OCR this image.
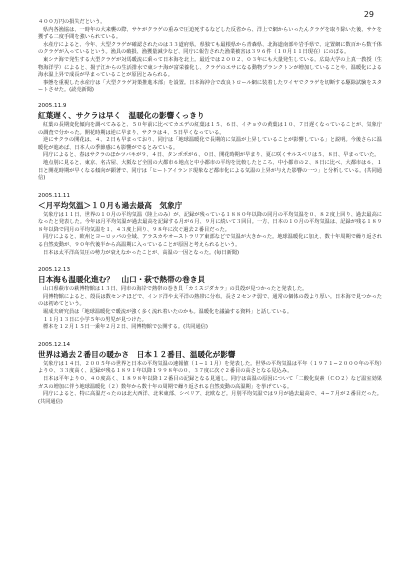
29

４００万円の損失だという。

県内各漁協は、一時年の大来襲の際、サケがクラゲの重みで圧迫死するなどした反省から、洋上で網からいったんクラゲを取り除いた後、サケを獲ずる二度手間を強いられている。

水産庁によると、今年、大型クラゲが確認されたのは３３道府県。県独ても最根県から青森県、北海道南部や岩手県で、定置網に数百から数千体のクラゲが入っているという。漁具の破損、漁獲量減少など、同庁に報告された漁業被害は３９６件（１０月１１日現在）にのぼる。

東シナ海で発生する大型クラゲが対馬暖流に乗って日本海を北上。最近では２００２、０３年にも大量発生している。広島大学の上真一教授（生物海洋学）によると、揚子江からの生活排水で東シナ海が富栄養化し、クラゲのエサになる動物プランクトンが増加していることや、温暖化による海水温上昇で成長が早まっていることが原因とみられる。

事態を重視した水産庁は「大型クラゲ対策推進本部」を設置。日本海沖合で改良トロール網に装着したワイヤでクラゲを切断する駆除試験をスタートさせた。(読売新聞)

2005.11.9
紅葉遅く、サクラは早く　温暖化の影響くっきり

紅葉の長期変化傾向を調べてみると、５０年前に比べてカエデの紅葉は１５、６日、イチョウの黄葉は１０、７日遅くなっていることが、気象庁の調査で分かった。開花時期は逆に早まり、サクラは４、５日早くなっている。

逆にサクラの開花は、４、２日も早まっており、同庁は「地球温暖化で長期的に気温が上昇していることが影響している」と説明。今後さらに温暖化が進めば、日本人の季節感にも影響がでるとみている。

同庁によると、春はサクラのほかツバキが９、４日、タンポポが６、０日、開花時期が早まり、夏に咲くサルスベリは５、８日、早まっていた。

地点別に見ると、東京、名古屋、大阪など全国の大都市６地点と中小都市の平均を比較したところ、中小都市の２、８日に比べ、大都市は６、１日と開花時期が早くなる傾向が顕著で、同庁は「ヒートアイランド現象など都市化による気温の上昇が与えた影響の一つ」と分析している。(共同通信)

2005.11.11
＜月平均気温＞１０月も過去最高　気象庁

気象庁は１１日、世界の１０月の平均気温（陸上のみ）が、記録が残っている１８８０年以降の同月の平均気温を０、８２度上回り、過去最高になったと発表した。今年は月平均気温が過去最高を記録する月が６月、９月に続いて３回目。一方、日本の１０月の平均気温は、記録が残る１８９８年以降で同月の平均気温を１、４３度上回り、９８年に次ぐ過去２番目だった。

同庁によると、欧州とヨーロッパの全域、アラスカやオーストラリア東部などで気温が大きかった。地球温暖化に加え、数十年周期で繰り返される自然変動が、９０年代後半から高温期に入っていることが原因と考えられるという。

日本は太平洋高気圧の勢力が衰えなかったことが、高温の一因となった。(毎日新聞)

2005.12.13
日本海も温暖化進む？　山口・萩で熱帯の巻き貝

山口県萩市の萩博物館は１３日、同市の海岸で熱帯の巻き貝「カミスジダカラ」の貝殻が見つかったと発表した。

同博物館によると、殻長は数センチほどで、インド洋や太平洋の熱帯に分布。長さ２センチ弱で、通常の個体の殻より厚い。日本海で見つかったのは初めてという。

堀成夫研究員は「地球温暖化で暖流が強く多く流れ着いたのかも。温暖化を議論する資料」と話している。

１１月１３日に小学５年の男児が見つけた。

標本を１２月１５日一乗年２月２日、同博物館で公開する。(共同通信)

2005.12.14
世界は過去２番目の暖かさ　日本１２番目、温暖化が影響

気象庁は１４日、２００５年の世界と日本の平均気温の速報値（１−１１月）を発表した。世界の平均気温は平年（１９７１−２０００年の平均）より０、３３度高く、記録が残る１８９１年以降１９９８年の０、３７度に次ぐ２番目の高さとなる見込み。

日本は平年より０、４０度高く、１８９８年以降１２番目の記録となる見通し。同庁は高温の原因について「二酸化炭素（ＣＯ２）など温室効果ガスの増加に伴う地球温暖化（２）数年から数十年の周期で繰り返される自然変動の高温期」を挙げている。

同庁によると、特に高温だったのは北大西洋、北米東部、シベリア、北欧など。月別平均気温では９月が過去最高で、４−７月が２番目だった。(共同通信)
